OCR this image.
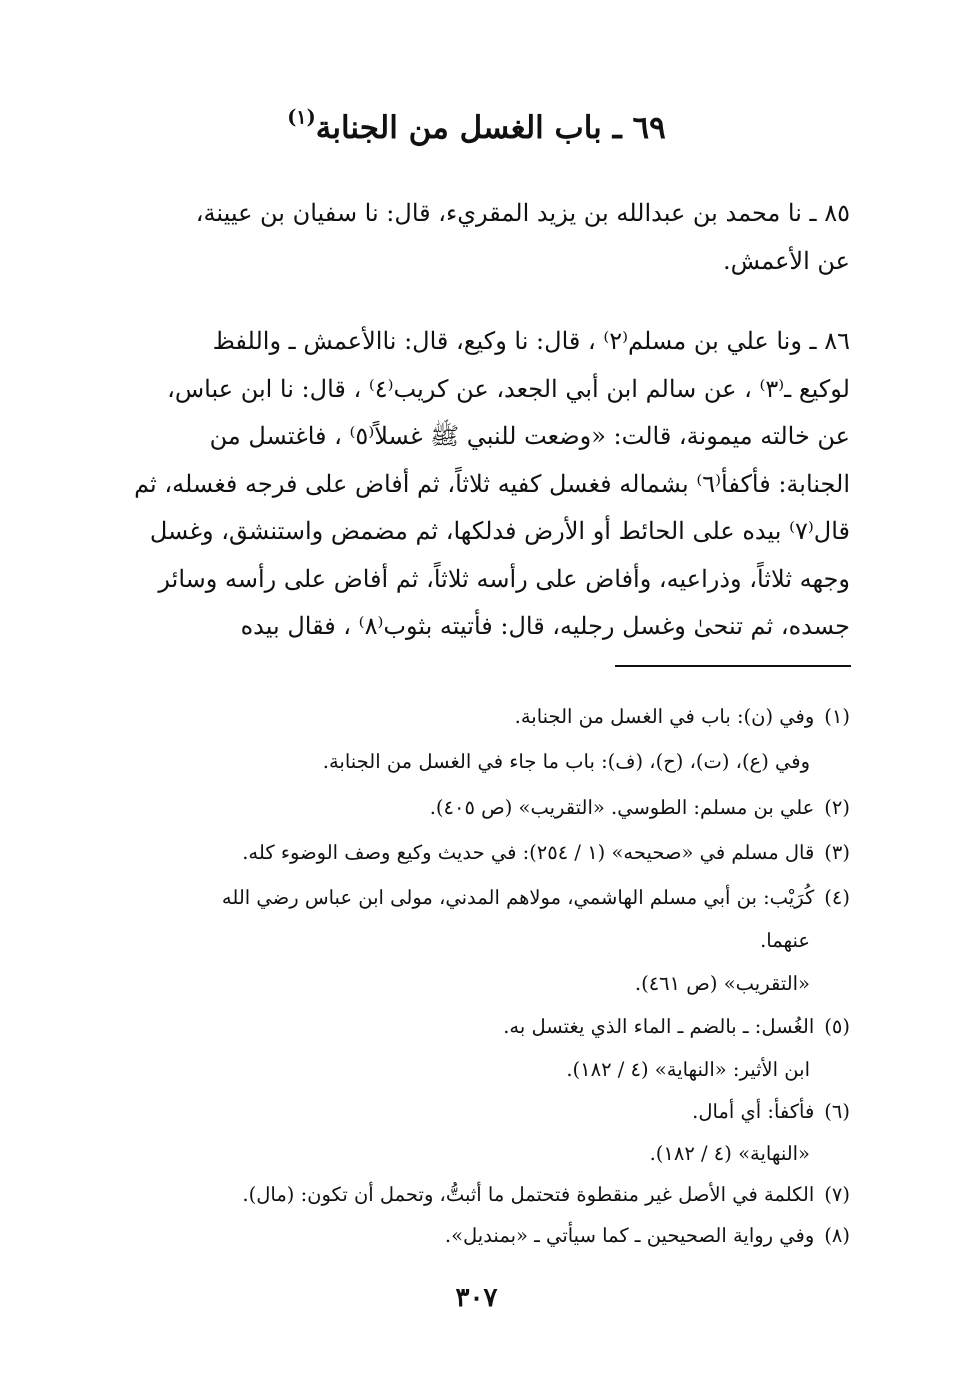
٦٩ ـ باب الغسل من الجنابة$^{(١)}$
٨٥ ـ نا محمد بن عبدالله بن يزيد المقريء، قال: نا سفيان بن عيينة،
عن الأعمش.
٨٦ ـ ونا علي بن مسلم⁽٢⁾ ، قال: نا وكيع، قال: ناالأعمش ـ واللفظ
لوكيع ـ⁽٣⁾ ، عن سالم ابن أبي الجعد، عن كريب⁽٤⁾ ، قال: نا ابن عباس،
عن خالته ميمونة، قالت: «وضعت للنبي ﷺ غسلاً⁽٥⁾ ، فاغتسل من
الجنابة: فأكفأ⁽٦⁾ بشماله فغسل كفيه ثلاثاً، ثم أفاض على فرجه فغسله، ثم
قال⁽٧⁾ بيده على الحائط أو الأرض فدلكها، ثم مضمض واستنشق، وغسل
وجهه ثلاثاً، وذراعيه، وأفاض على رأسه ثلاثاً، ثم أفاض على رأسه وسائر
جسده، ثم تنحىٰ وغسل رجليه، قال: فأتيته بثوب⁽٨⁾ ، فقال بيده
(١)وفي (ن): باب في الغسل من الجنابة.
وفي (ع)، (ت)، (ح)، (ف): باب ما جاء في الغسل من الجنابة.
(٢)علي بن مسلم: الطوسي. «التقريب» (ص ٤٠٥).
(٣)قال مسلم في «صحيحه» (١ / ٢٥٤): في حديث وكيع وصف الوضوء كله.
(٤)كُرَيْب: بن أبي مسلم الهاشمي، مولاهم المدني، مولى ابن عباس رضي الله
عنهما.
«التقريب» (ص ٤٦١).
(٥)الغُسل: ـ بالضم ـ الماء الذي يغتسل به.
ابن الأثير: «النهاية» (٤ / ١٨٢).
(٦)فأكفأ: أي أمال.
«النهاية» (٤ / ١٨٢).
(٧)الكلمة في الأصل غير منقطوة فتحتمل ما أثبتُّ، وتحمل أن تكون: (مال).
(٨)وفي رواية الصحيحين ـ كما سيأتي ـ «بمنديل».
٣٠٧
